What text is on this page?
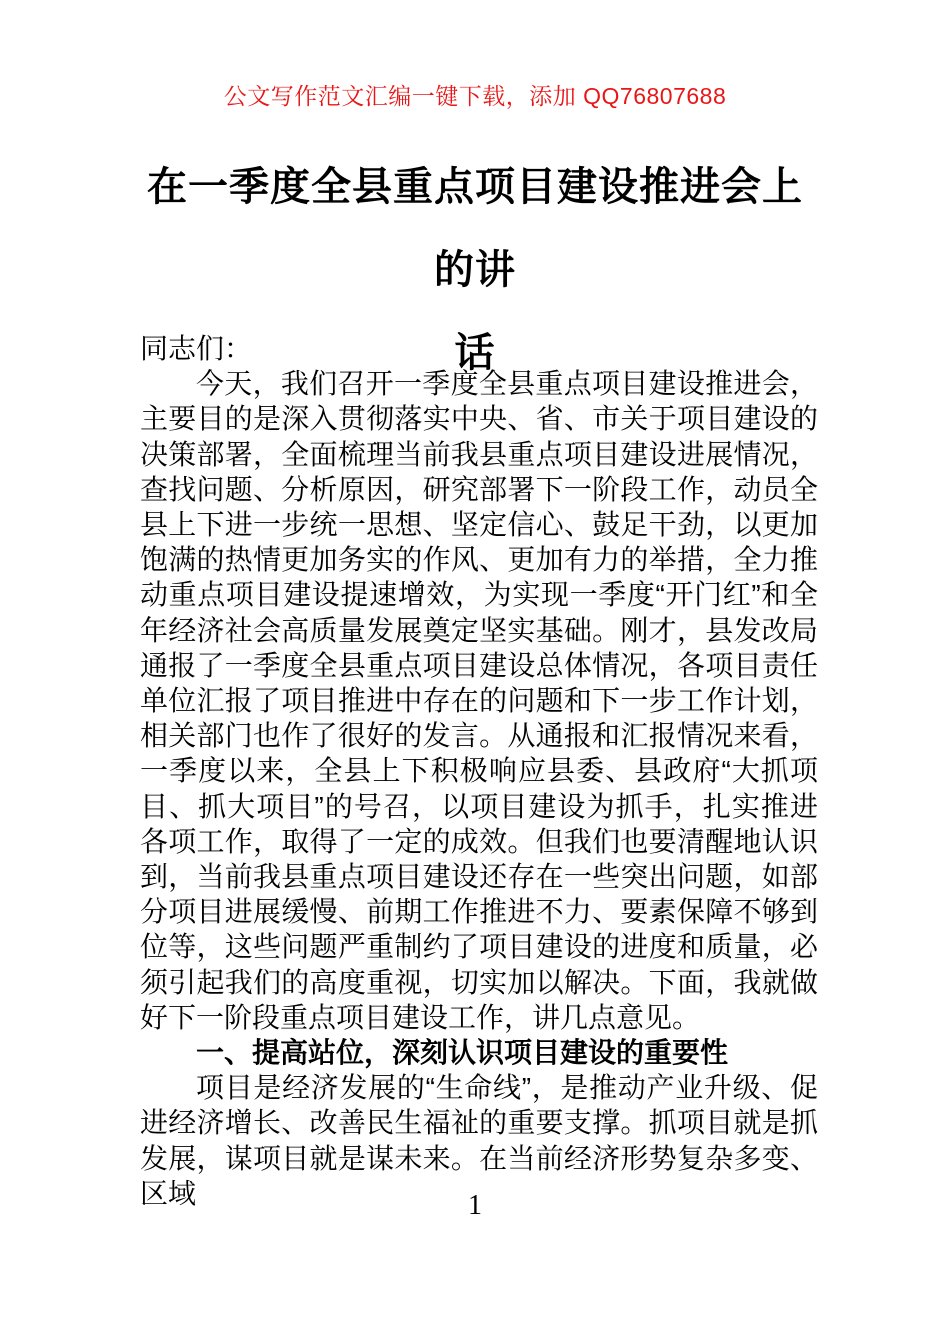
公文写作范文汇编一键下载，添加 QQ76807688
在一季度全县重点项目建设推进会上的讲
话

同志们：

今天，我们召开一季度全县重点项目建设推进会，主要目的是深入贯彻落实中央、省、市关于项目建设的决策部署，全面梳理当前我县重点项目建设进展情况，查找问题、分析原因，研究部署下一阶段工作，动员全县上下进一步统一思想、坚定信心、鼓足干劲，以更加饱满的热情更加务实的作风、更加有力的举措，全力推动重点项目建设提速增效，为实现一季度“开门红”和全年经济社会高质量发展奠定坚实基础。刚才，县发改局通报了一季度全县重点项目建设总体情况，各项目责任单位汇报了项目推进中存在的问题和下一步工作计划，相关部门也作了很好的发言。从通报和汇报情况来看，一季度以来，全县上下积极响应县委、县政府“大抓项目、抓大项目”的号召，以项目建设为抓手，扎实推进各项工作，取得了一定的成效。但我们也要清醒地认识到，当前我县重点项目建设还存在一些突出问题，如部分项目进展缓慢、前期工作推进不力、要素保障不够到位等，这些问题严重制约了项目建设的进度和质量，必须引起我们的高度重视，切实加以解决。下面，我就做好下一阶段重点项目建设工作，讲几点意见。

一、提高站位，深刻认识项目建设的重要性

项目是经济发展的“生命线”，是推动产业升级、促进经济增长、改善民生福祉的重要支撑。抓项目就是抓发展，谋项目就是谋未来。在当前经济形势复杂多变、区域	1
